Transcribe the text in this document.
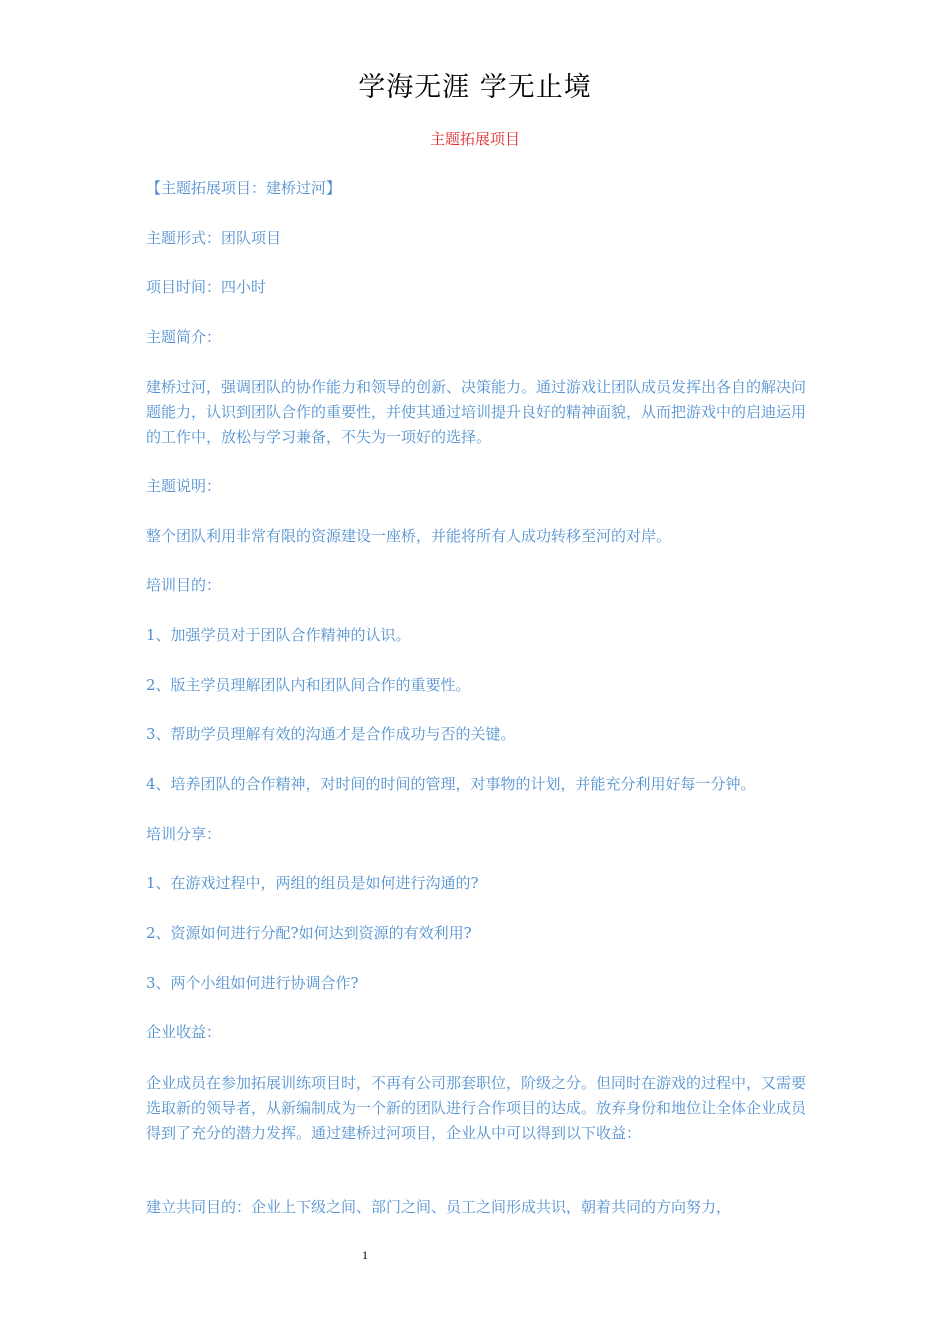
学海无涯 学无止境
主题拓展项目

【主题拓展项目：建桥过河】

主题形式：团队项目

项目时间：四小时

主题简介：

建桥过河，强调团队的协作能力和领导的创新、决策能力。通过游戏让团队成员发挥出各自的解决问题能力，认识到团队合作的重要性，并使其通过培训提升良好的精神面貌，从而把游戏中的启迪运用的工作中，放松与学习兼备，不失为一项好的选择。

主题说明：

整个团队利用非常有限的资源建设一座桥，并能将所有人成功转移至河的对岸。

培训目的：

1、加强学员对于团队合作精神的认识。

2、版主学员理解团队内和团队间合作的重要性。

3、帮助学员理解有效的沟通才是合作成功与否的关键。

4、培养团队的合作精神，对时间的时间的管理，对事物的计划，并能充分利用好每一分钟。

培训分享：

1、在游戏过程中，两组的组员是如何进行沟通的?

2、资源如何进行分配?如何达到资源的有效利用?

3、两个小组如何进行协调合作?

企业收益：

企业成员在参加拓展训练项目时，不再有公司那套职位，阶级之分。但同时在游戏的过程中，又需要选取新的领导者，从新编制成为一个新的团队进行合作项目的达成。放弃身份和地位让全体企业成员得到了充分的潜力发挥。通过建桥过河项目，企业从中可以得到以下收益：

建立共同目的：企业上下级之间、部门之间、员工之间形成共识，朝着共同的方向努力，

1
